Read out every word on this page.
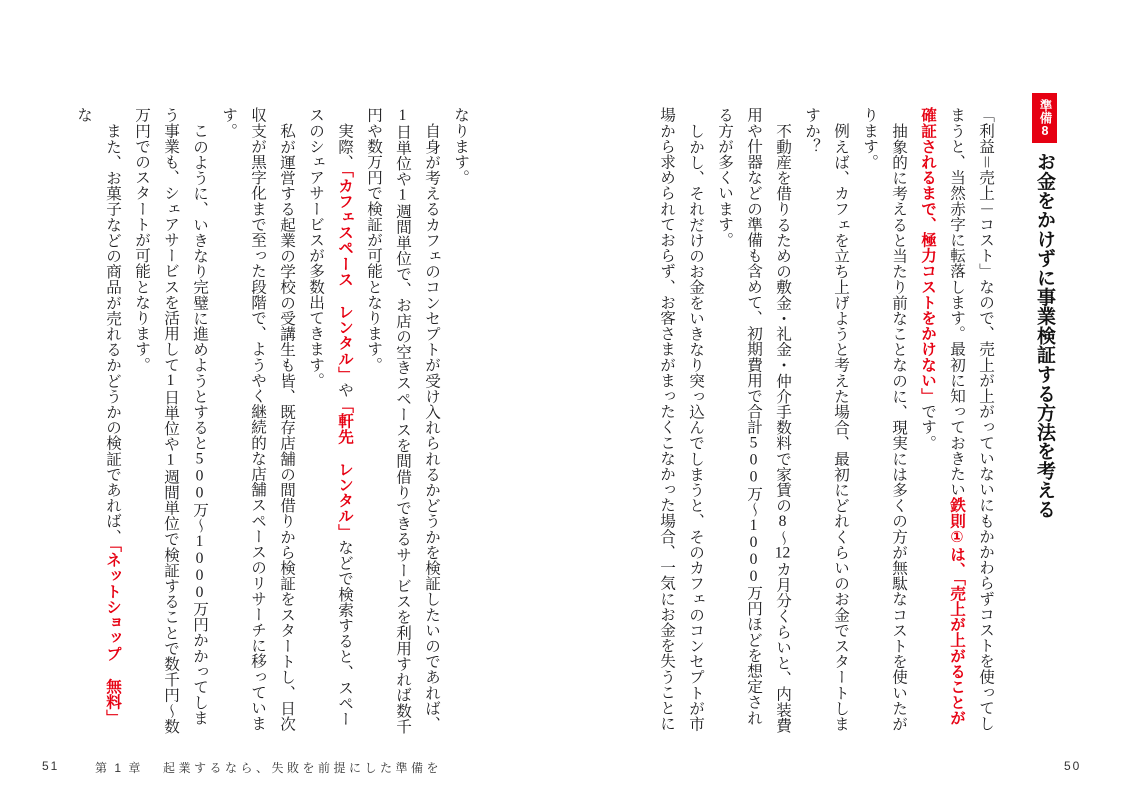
準備8
お金をかけずに事業検証する方法を考える

「利益＝売上－コスト」なので、売上が上がっていないにもかかわらずコストを使ってしまうと、当然赤字に転落します。最初に知っておきたい鉄則①は、「売上が上がることが確証されるまで、極力コストをかけない」です。

抽象的に考えると当たり前なことなのに、現実には多くの方が無駄なコストを使いたがります。

例えば、カフェを立ち上げようと考えた場合、最初にどれくらいのお金でスタートしますか？

不動産を借りるための敷金・礼金・仲介手数料で家賃の8～12カ月分くらいと、内装費用や什器などの準備も含めて、初期費用で合計500万～1000万円ほどを想定される方が多くいます。

しかし、それだけのお金をいきなり突っ込んでしまうと、そのカフェのコンセプトが市場から求められておらず、お客さまがまったくこなかった場合、一気にお金を失うことに

50

なります。

自身が考えるカフェのコンセプトが受け入れられるかどうかを検証したいのであれば、1日単位や1週間単位で、お店の空きスペースを間借りできるサービスを利用すれば数千円や数万円で検証が可能となります。

実際、「カフェスペース レンタル」や「軒先 レンタル」などで検索すると、スペースのシェアサービスが多数出てきます。

私が運営する起業の学校の受講生も皆、既存店舗の間借りから検証をスタートし、日次収支が黒字化まで至った段階で、ようやく継続的な店舗スペースのリサーチに移っています。

このように、いきなり完璧に進めようとすると500万～1000万円かかってしまう事業も、シェアサービスを活用して1日単位や1週間単位で検証することで数千円～数万円でのスタートが可能となります。

また、お菓子などの商品が売れるかどうかの検証であれば、「ネットショップ 無料」な

51	第 1 章 起業するなら、失敗を前提にした準備を
